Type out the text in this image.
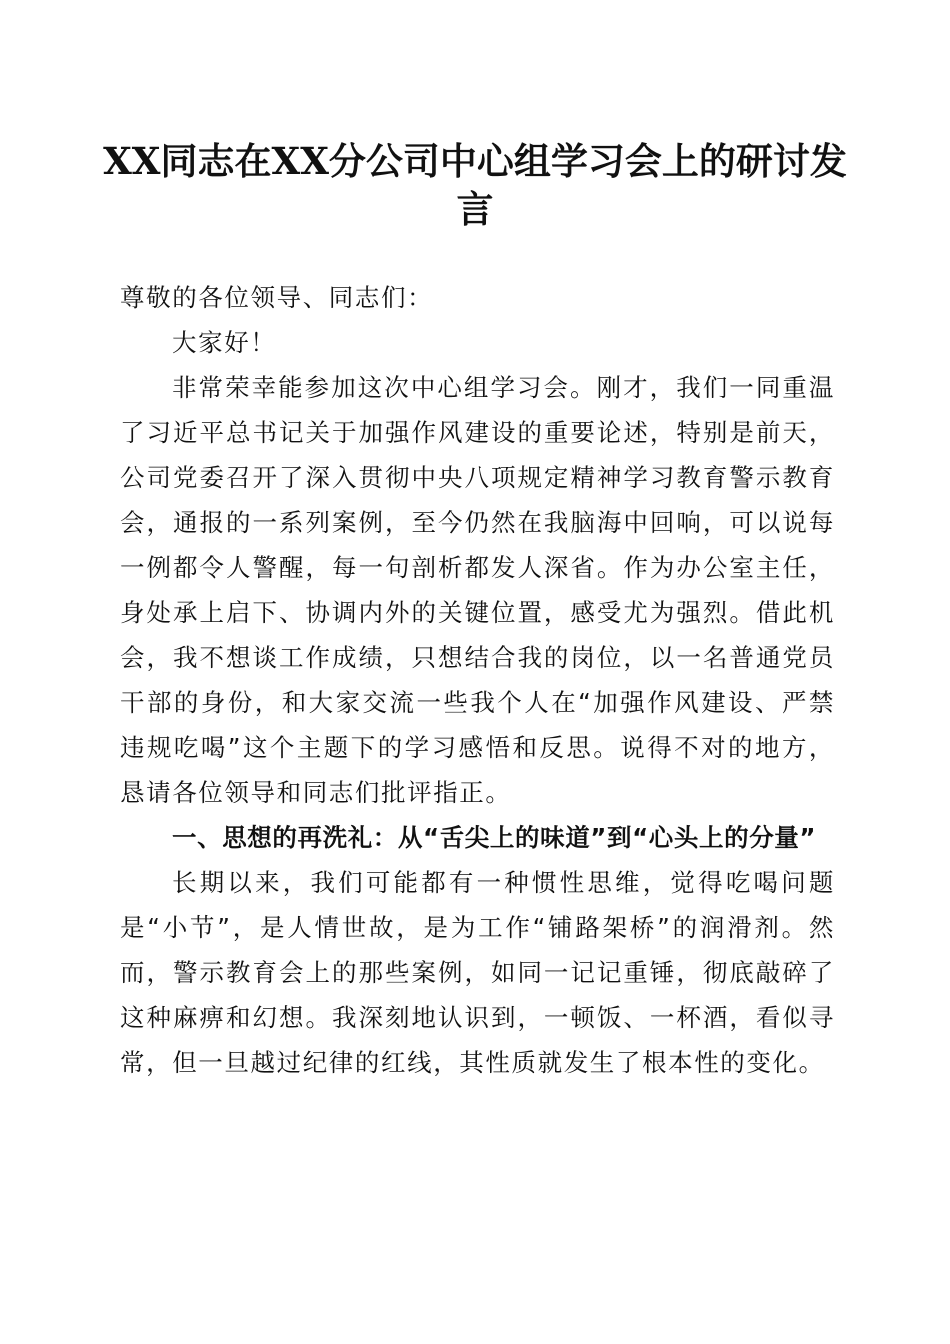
XX同志在XX分公司中心组学习会上的研讨发言

尊敬的各位领导、同志们：

大家好！

非常荣幸能参加这次中心组学习会。刚才，我们一同重温了习近平总书记关于加强作风建设的重要论述，特别是前天，公司党委召开了深入贯彻中央八项规定精神学习教育警示教育会，通报的一系列案例，至今仍然在我脑海中回响，可以说每一例都令人警醒，每一句剖析都发人深省。作为办公室主任，身处承上启下、协调内外的关键位置，感受尤为强烈。借此机会，我不想谈工作成绩，只想结合我的岗位，以一名普通党员干部的身份，和大家交流一些我个人在“加强作风建设、严禁违规吃喝”这个主题下的学习感悟和反思。说得不对的地方，恳请各位领导和同志们批评指正。

一、思想的再洗礼：从“舌尖上的味道”到“心头上的分量”

长期以来，我们可能都有一种惯性思维，觉得吃喝问题是“小节”，是人情世故，是为工作“铺路架桥”的润滑剂。然而，警示教育会上的那些案例，如同一记记重锤，彻底敲碎了这种麻痹和幻想。我深刻地认识到，一顿饭、一杯酒，看似寻常，但一旦越过纪律的红线，其性质就发生了根本性的变化。
